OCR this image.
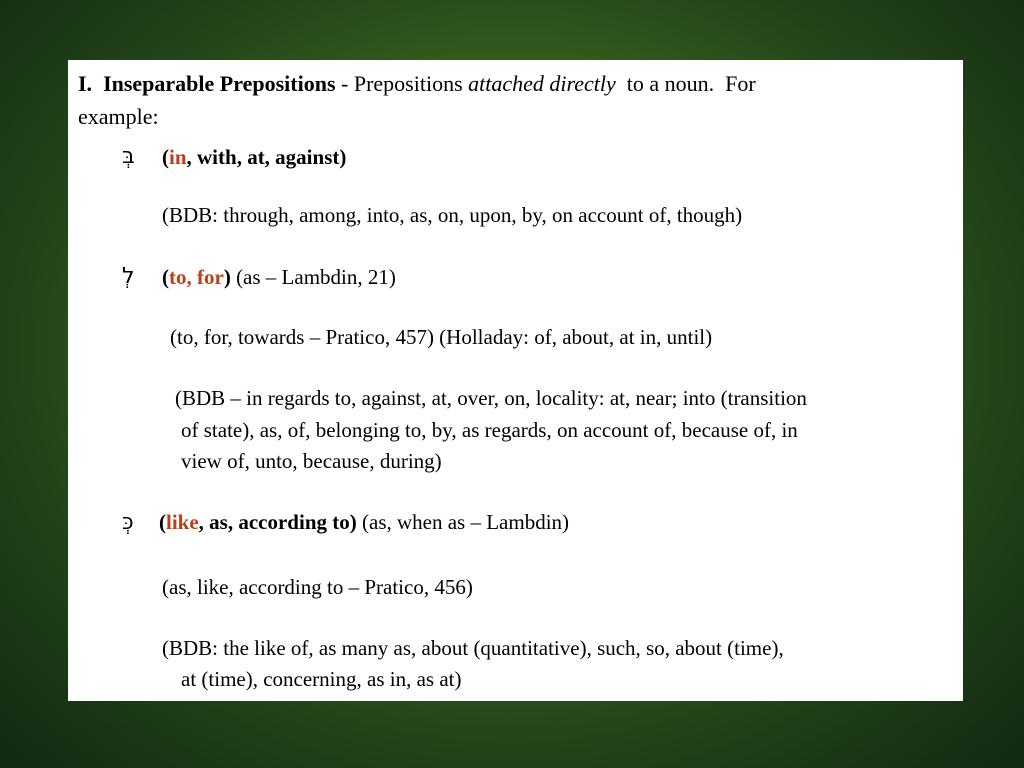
I. Inseparable Prepositions - Prepositions attached directly  to a noun.  For
example:
בְּ (in, with, at, against)
(BDB: through, among, into, as, on, upon, by, on account of, though)
לְ (to, for) (as – Lambdin, 21)
(to, for, towards – Pratico, 457) (Holladay: of, about, at in, until)
(BDB – in regards to, against, at, over, on, locality: at, near; into (transition
of state), as, of, belonging to, by, as regards, on account of, because of, in
view of, unto, because, during)
כְּ (like, as, according to) (as, when as – Lambdin)
(as, like, according to – Pratico, 456)
(BDB: the like of, as many as, about (quantitative), such, so, about (time),
at (time), concerning, as in, as at)
